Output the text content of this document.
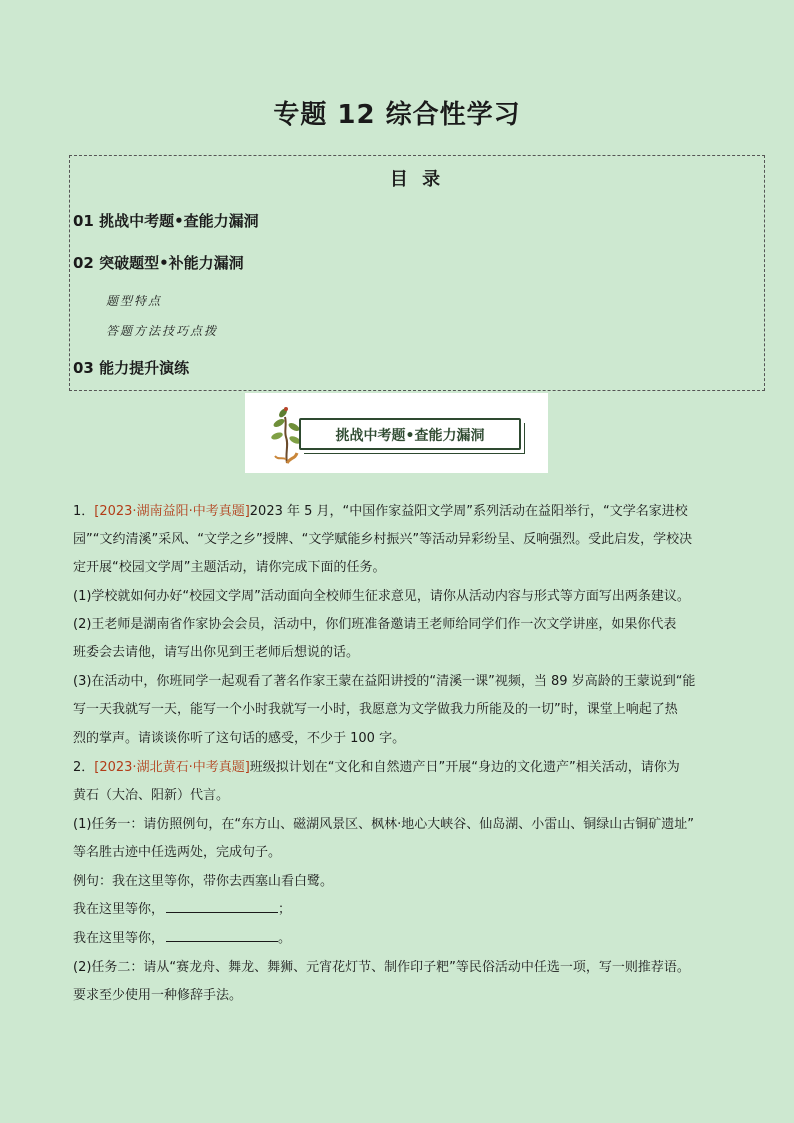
专题 12 综合性学习
目 录
01 挑战中考题•查能力漏洞
02 突破题型•补能力漏洞
题型特点
答题方法技巧点拨
03 能力提升演练
挑战中考题•查能力漏洞
1．[2023·湖南益阳·中考真题]2023 年 5 月，“中国作家益阳文学周”系列活动在益阳举行，“文学名家进校
园”“文约清溪”采风、“文学之乡”授牌、“文学赋能乡村振兴”等活动异彩纷呈、反响强烈。受此启发，学校决
定开展“校园文学周”主题活动，请你完成下面的任务。
(1)学校就如何办好“校园文学周”活动面向全校师生征求意见，请你从活动内容与形式等方面写出两条建议。
(2)王老师是湖南省作家协会会员，活动中，你们班准备邀请王老师给同学们作一次文学讲座，如果你代表
班委会去请他，请写出你见到王老师后想说的话。
(3)在活动中，你班同学一起观看了著名作家王蒙在益阳讲授的“清溪一课”视频，当 89 岁高龄的王蒙说到“能
写一天我就写一天，能写一个小时我就写一小时，我愿意为文学做我力所能及的一切”时，课堂上响起了热
烈的掌声。请谈谈你听了这句话的感受，不少于 100 字。
2．[2023·湖北黄石·中考真题]班级拟计划在“文化和自然遗产日”开展“身边的文化遗产”相关活动，请你为
黄石（大冶、阳新）代言。
(1)任务一：请仿照例句，在“东方山、磁湖风景区、枫林·地心大峡谷、仙岛湖、小雷山、铜绿山古铜矿遗址”
等名胜古迹中任选两处，完成句子。
例句：我在这里等你，带你去西塞山看白鹭。
我在这里等你，	；
我在这里等你，	。
(2)任务二：请从“赛龙舟、舞龙、舞狮、元宵花灯节、制作印子粑”等民俗活动中任选一项，写一则推荐语。
要求至少使用一种修辞手法。
